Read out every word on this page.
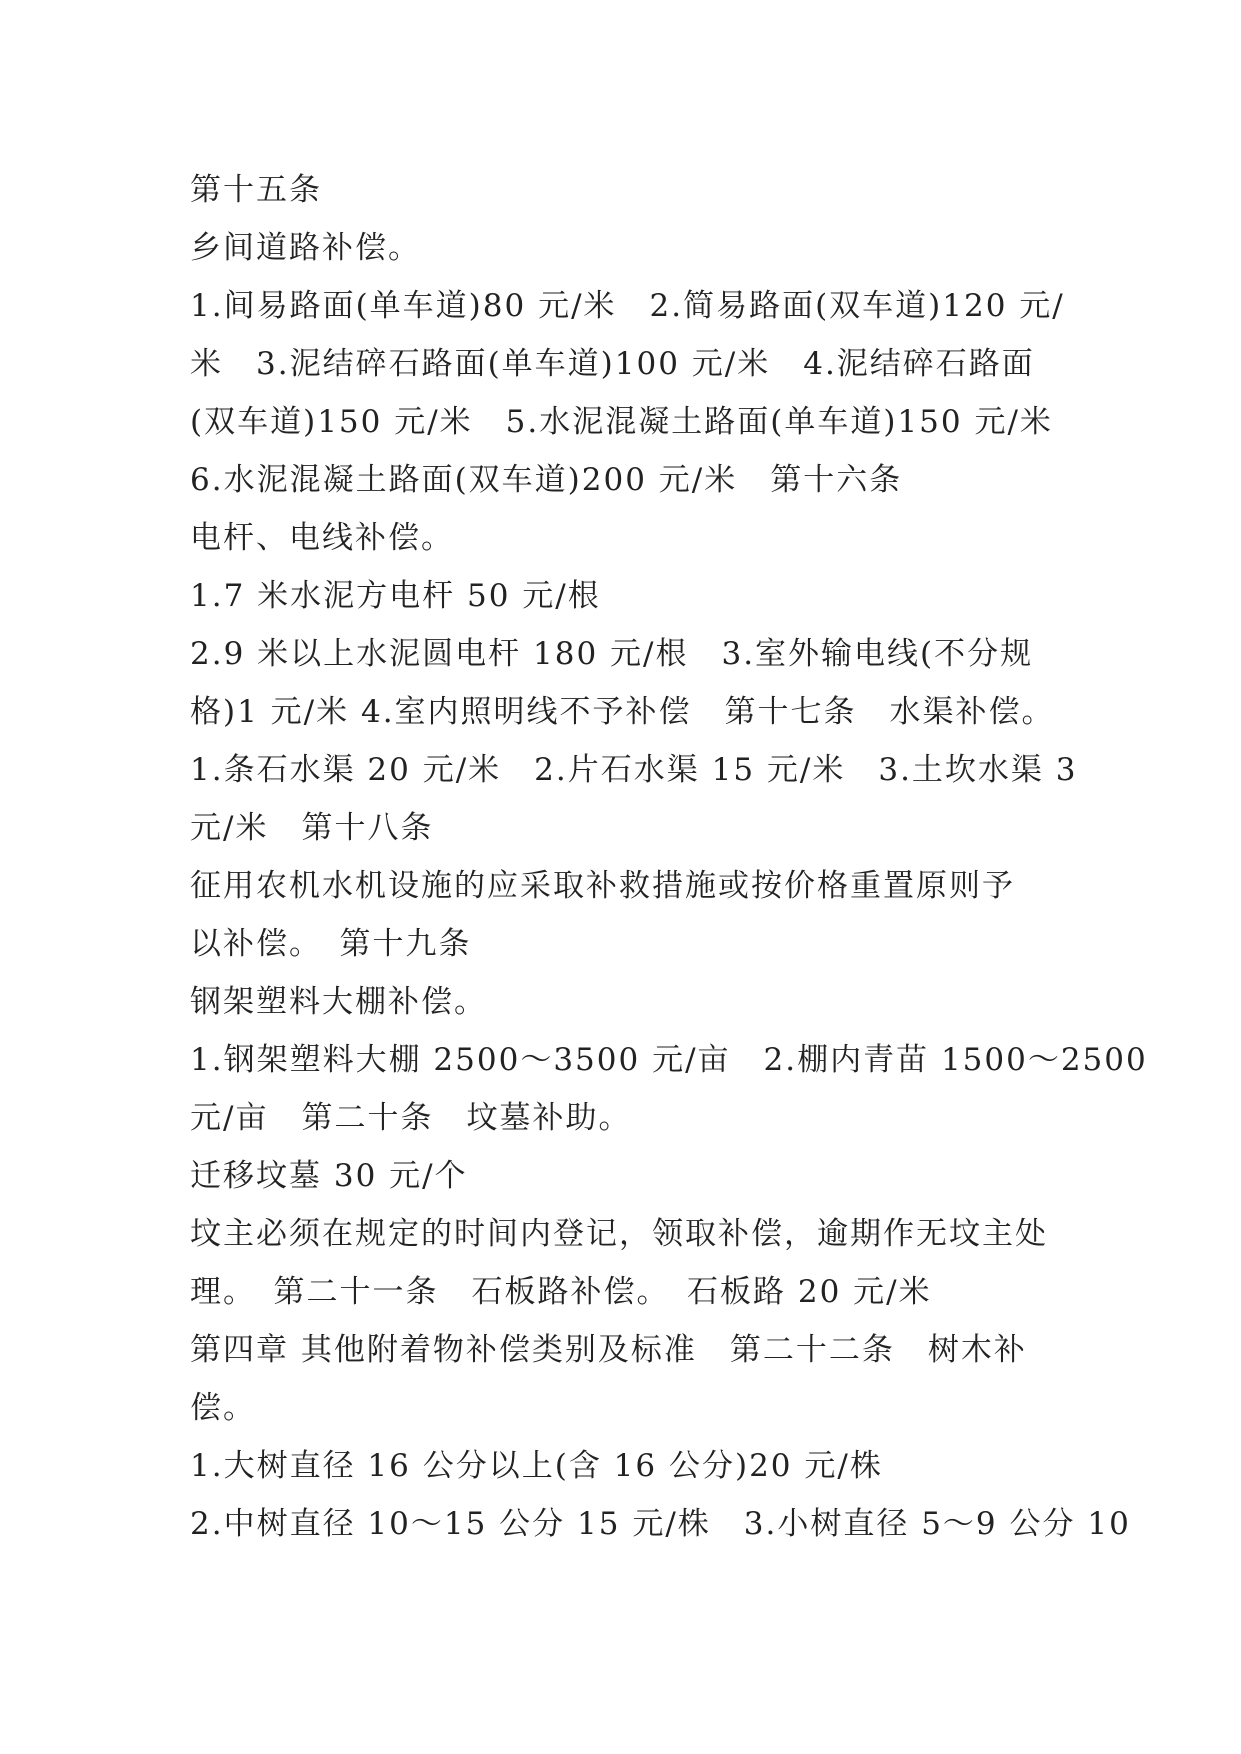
第十五条
乡间道路补偿。
1.间易路面(单车道)80 元/米　2.简易路面(双车道)120 元/
米　3.泥结碎石路面(单车道)100 元/米　4.泥结碎石路面
(双车道)150 元/米　5.水泥混凝土路面(单车道)150 元/米
6.水泥混凝土路面(双车道)200 元/米　第十六条
电杆、电线补偿。
1.7 米水泥方电杆 50 元/根
2.9 米以上水泥圆电杆 180 元/根　3.室外输电线(不分规
格)1 元/米 4.室内照明线不予补偿　第十七条　水渠补偿。
1.条石水渠 20 元/米　2.片石水渠 15 元/米　3.土坎水渠 3
元/米　第十八条
征用农机水机设施的应采取补救措施或按价格重置原则予
以补偿。　第十九条
钢架塑料大棚补偿。
1.钢架塑料大棚 2500～3500 元/亩　2.棚内青苗 1500～2500
元/亩　第二十条　坟墓补助。
迁移坟墓 30 元/个
坟主必须在规定的时间内登记，领取补偿，逾期作无坟主处
理。　第二十一条　石板路补偿。　石板路 20 元/米
第四章 其他附着物补偿类别及标准　第二十二条　树木补
偿。
1.大树直径 16 公分以上(含 16 公分)20 元/株
2.中树直径 10～15 公分 15 元/株　3.小树直径 5～9 公分 10
